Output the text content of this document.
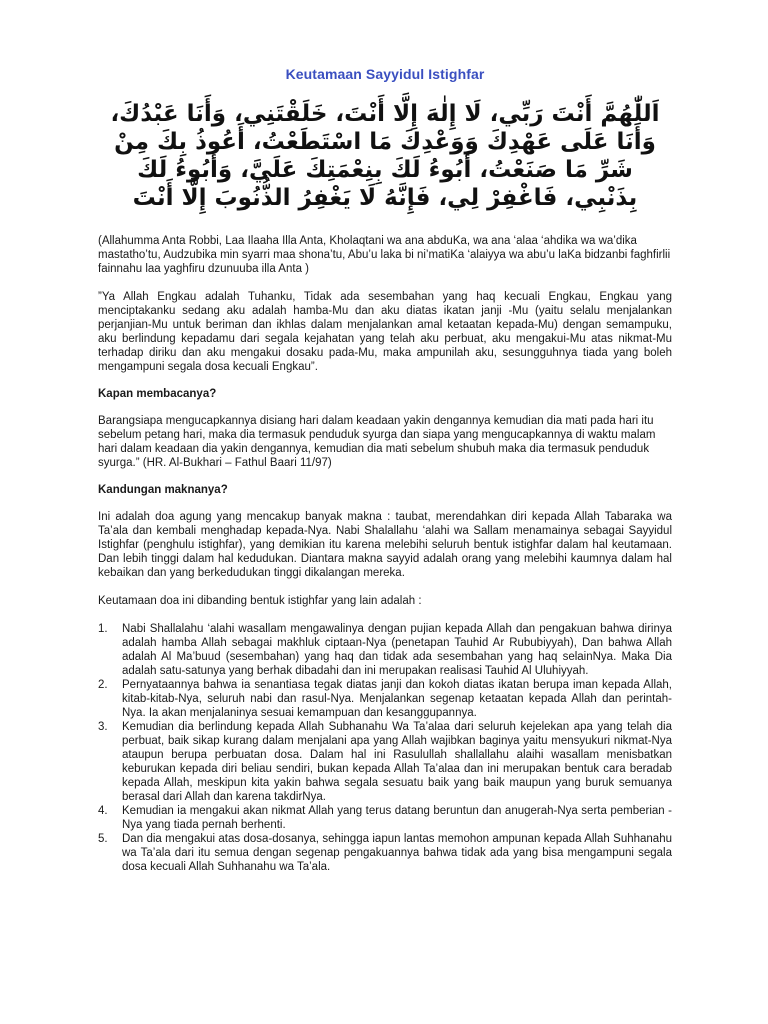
Keutamaan Sayyidul Istighfar
اَللّٰهُمَّ أَنْتَ رَبِّي، لَا إِلٰهَ إِلَّا أَنْتَ، خَلَقْتَنِي، وَأَنَا عَبْدُكَ، وَأَنَا عَلَى عَهْدِكَ وَوَعْدِكَ مَا اسْتَطَعْتُ، أَعُوذُ بِكَ مِنْ شَرِّ مَا صَنَعْتُ، أَبُوءُ لَكَ بِنِعْمَتِكَ عَلَيَّ، وَأَبُوءُ لَكَ بِذَنْبِي، فَاغْفِرْ لِي، فَإِنَّهُ لَا يَغْفِرُ الذُّنُوبَ إِلَّا أَنْتَ

(Allahumma Anta Robbi, Laa Ilaaha Illa Anta, Kholaqtani wa ana abduKa, wa ana ‘alaa ‘ahdika wa wa’dika mastatho’tu, Audzubika min syarri maa shona’tu, Abu’u laka bi ni’matiKa ‘alaiyya wa abu’u laKa bidzanbi faghfirlii fainnahu laa yaghfiru dzunuuba illa Anta )

”Ya Allah Engkau adalah Tuhanku, Tidak ada sesembahan yang haq kecuali Engkau, Engkau yang menciptakanku sedang aku adalah hamba-Mu dan aku diatas ikatan janji -Mu (yaitu selalu menjalankan perjanjian-Mu untuk beriman dan ikhlas dalam menjalankan amal ketaatan kepada-Mu) dengan semampuku, aku berlindung kepadamu dari segala kejahatan yang telah aku perbuat, aku mengakui-Mu atas nikmat-Mu terhadap diriku dan aku mengakui dosaku pada-Mu, maka ampunilah aku, sesungguhnya tiada yang boleh mengampuni segala dosa kecuali Engkau”.

Kapan membacanya?

Barangsiapa mengucapkannya disiang hari dalam keadaan yakin dengannya kemudian dia mati pada hari itu sebelum petang hari, maka dia termasuk penduduk syurga dan siapa yang mengucapkannya di waktu malam hari dalam keadaan dia yakin dengannya, kemudian dia mati sebelum shubuh maka dia termasuk penduduk syurga.” (HR. Al-Bukhari – Fathul Baari 11/97)

Kandungan maknanya?

Ini adalah doa agung yang mencakup banyak makna : taubat, merendahkan diri kepada Allah Tabaraka wa Ta’ala dan kembali menghadap kepada-Nya. Nabi Shalallahu ‘alahi wa Sallam menamainya sebagai Sayyidul Istighfar (penghulu istighfar), yang demikian itu karena melebihi seluruh bentuk istighfar dalam hal keutamaan. Dan lebih tinggi dalam hal kedudukan. Diantara makna sayyid adalah orang yang melebihi kaumnya dalam hal kebaikan dan yang berkedudukan tinggi dikalangan mereka.

Keutamaan doa ini dibanding bentuk istighfar yang lain adalah :

1. Nabi Shallalahu ‘alahi wasallam mengawalinya dengan pujian kepada Allah dan pengakuan bahwa dirinya adalah hamba Allah sebagai makhluk ciptaan-Nya (penetapan Tauhid Ar Rububiyyah), Dan bahwa Allah adalah Al Ma’buud (sesembahan) yang haq dan tidak ada sesembahan yang haq selainNya. Maka Dia adalah satu-satunya yang berhak dibadahi dan ini merupakan realisasi Tauhid Al Uluhiyyah.
2. Pernyataannya bahwa ia senantiasa tegak diatas janji dan kokoh diatas ikatan berupa iman kepada Allah, kitab-kitab-Nya, seluruh nabi dan rasul-Nya. Menjalankan segenap ketaatan kepada Allah dan perintah-Nya. Ia akan menjalaninya sesuai kemampuan dan kesanggupannya.
3. Kemudian dia berlindung kepada Allah Subhanahu Wa Ta’alaa dari seluruh kejelekan apa yang telah dia perbuat, baik sikap kurang dalam menjalani apa yang Allah wajibkan baginya yaitu mensyukuri nikmat-Nya ataupun berupa perbuatan dosa. Dalam hal ini Rasulullah shallallahu alaihi wasallam menisbatkan keburukan kepada diri beliau sendiri, bukan kepada Allah Ta’alaa dan ini merupakan bentuk cara beradab kepada Allah, meskipun kita yakin bahwa segala sesuatu baik yang baik maupun yang buruk semuanya berasal dari Allah dan karena takdirNya.
4. Kemudian ia mengakui akan nikmat Allah yang terus datang beruntun dan anugerah-Nya serta pemberian -Nya yang tiada pernah berhenti.
5. Dan dia mengakui atas dosa-dosanya, sehingga iapun lantas memohon ampunan kepada Allah Suhhanahu wa Ta’ala dari itu semua dengan segenap pengakuannya bahwa tidak ada yang bisa mengampuni segala dosa kecuali Allah Suhhanahu wa Ta’ala.
